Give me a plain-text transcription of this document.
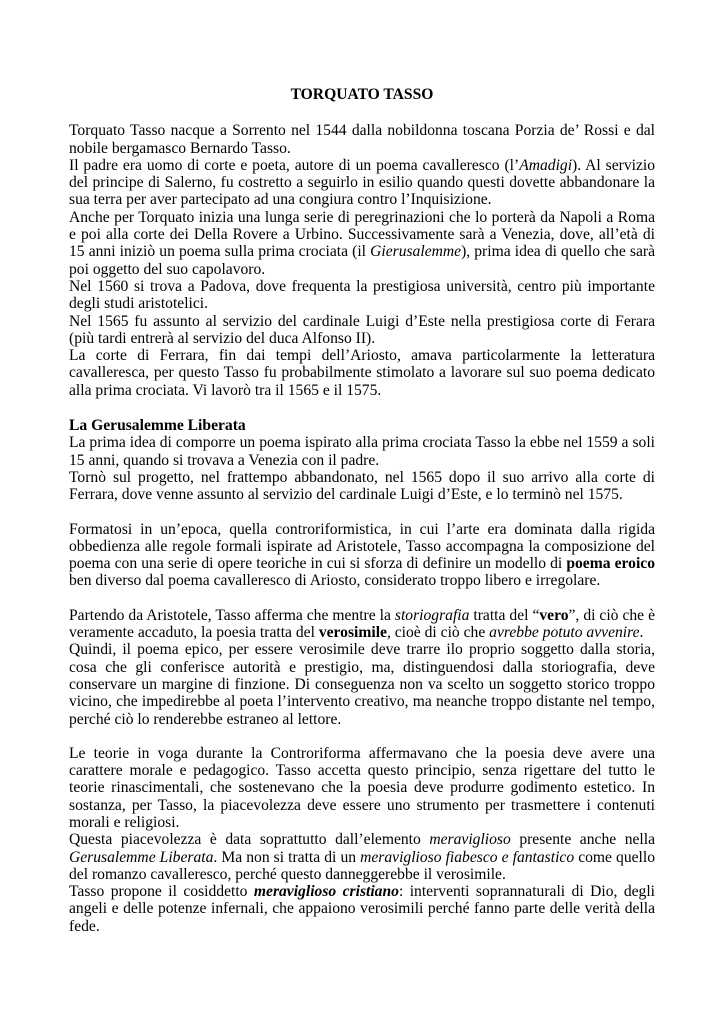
TORQUATO TASSO

Torquato Tasso nacque a Sorrento nel 1544 dalla nobildonna toscana Porzia de’ Rossi e dal nobile bergamasco Bernardo Tasso.

Il padre era uomo di corte e poeta, autore di un poema cavalleresco (l’Amadigi). Al servizio del principe di Salerno, fu costretto a seguirlo in esilio quando questi dovette abbandonare la sua terra per aver partecipato ad una congiura contro l’Inquisizione.

Anche per Torquato inizia una lunga serie di peregrinazioni che lo porterà da Napoli a Roma e poi alla corte dei Della Rovere a Urbino. Successivamente sarà a Venezia, dove, all’età di 15 anni iniziò un poema sulla prima crociata (il Gierusalemme), prima idea di quello che sarà poi oggetto del suo capolavoro.

Nel 1560 si trova a Padova, dove frequenta la prestigiosa università, centro più importante degli studi aristotelici.

Nel 1565 fu assunto al servizio del cardinale Luigi d’Este nella prestigiosa corte di Ferara (più tardi entrerà al servizio del duca Alfonso II).

La corte di Ferrara, fin dai tempi dell’Ariosto, amava particolarmente la letteratura cavalleresca, per questo Tasso fu probabilmente stimolato a lavorare sul suo poema dedicato alla prima crociata. Vi lavorò tra il 1565 e il 1575.

La Gerusalemme Liberata

La prima idea di comporre un poema ispirato alla prima crociata Tasso la ebbe nel 1559 a soli 15 anni, quando si trovava a Venezia con il padre.

Tornò sul progetto, nel frattempo abbandonato, nel 1565 dopo il suo arrivo alla corte di Ferrara, dove venne assunto al servizio del cardinale Luigi d’Este, e lo terminò nel 1575.

Formatosi in un’epoca, quella controriformistica, in cui l’arte era dominata dalla rigida obbedienza alle regole formali ispirate ad Aristotele, Tasso accompagna la composizione del poema con una serie di opere teoriche in cui si sforza di definire un modello di poema eroico ben diverso dal poema cavalleresco di Ariosto, considerato troppo libero e irregolare.

Partendo da Aristotele, Tasso afferma che mentre la storiografia tratta del “vero”, di ciò che è veramente accaduto, la poesia tratta del verosimile, cioè di ciò che avrebbe potuto avvenire.

Quindi, il poema epico, per essere verosimile deve trarre ilo proprio soggetto dalla storia, cosa che gli conferisce autorità e prestigio, ma, distinguendosi dalla storiografia, deve conservare un margine di finzione. Di conseguenza non va scelto un soggetto storico troppo vicino, che impedirebbe al poeta l’intervento creativo, ma neanche troppo distante nel tempo, perché ciò lo renderebbe estraneo al lettore.

Le teorie in voga durante la Controriforma affermavano che la poesia deve avere una carattere morale e pedagogico. Tasso accetta questo principio, senza rigettare del tutto le teorie rinascimentali, che sostenevano che la poesia deve produrre godimento estetico. In sostanza, per Tasso, la piacevolezza deve essere uno strumento per trasmettere i contenuti morali e religiosi.

Questa piacevolezza è data soprattutto dall’elemento meraviglioso presente anche nella Gerusalemme Liberata. Ma non si tratta di un meraviglioso fiabesco e fantastico come quello del romanzo cavalleresco, perché questo danneggerebbe il verosimile.

Tasso propone il cosiddetto meraviglioso cristiano: interventi soprannaturali di Dio, degli angeli e delle potenze infernali, che appaiono verosimili perché fanno parte delle verità della fede.
